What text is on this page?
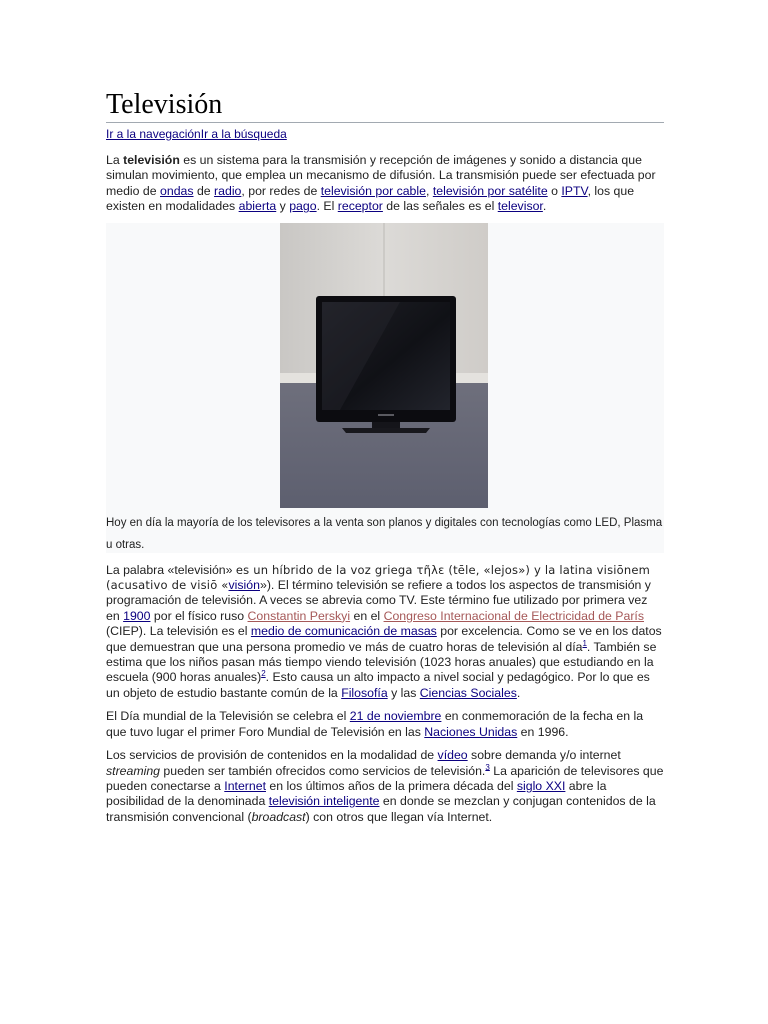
Televisión
Ir a la navegaciónIr a la búsqueda

La televisión es un sistema para la transmisión y recepción de imágenes y sonido a distancia que simulan movimiento, que emplea un mecanismo de difusión. La transmisión puede ser efectuada por medio de ondas de radio, por redes de televisión por cable, televisión por satélite o IPTV, los que existen en modalidades abierta y pago. El receptor de las señales es el televisor.

Hoy en día la mayoría de los televisores a la venta son planos y digitales con tecnologías como LED, Plasma u otras.

La palabra «televisión» es un híbrido de la voz griega τῆλε (tēle, «lejos») y la latina visiōnem (acusativo de visiō «visión»). El término televisión se refiere a todos los aspectos de transmisión y programación de televisión. A veces se abrevia como TV. Este término fue utilizado por primera vez en 1900 por el físico ruso Constantin Perskyi en el Congreso Internacional de Electricidad de París (CIEP). La televisión es el medio de comunicación de masas por excelencia. Como se ve en los datos que demuestran que una persona promedio ve más de cuatro horas de televisión al día$^1$. También se estima que los niños pasan más tiempo viendo televisión (1023 horas anuales) que estudiando en la escuela (900 horas anuales)$^2$. Esto causa un alto impacto a nivel social y pedagógico. Por lo que es un objeto de estudio bastante común de la Filosofía y las Ciencias Sociales.

El Día mundial de la Televisión se celebra el 21 de noviembre en conmemoración de la fecha en la que tuvo lugar el primer Foro Mundial de Televisión en las Naciones Unidas en 1996.

Los servicios de provisión de contenidos en la modalidad de vídeo sobre demanda y/o internet streaming pueden ser también ofrecidos como servicios de televisión.$^3$ La aparición de televisores que pueden conectarse a Internet en los últimos años de la primera década del siglo XXI abre la posibilidad de la denominada televisión inteligente en donde se mezclan y conjugan contenidos de la transmisión convencional (broadcast) con otros que llegan vía Internet.
